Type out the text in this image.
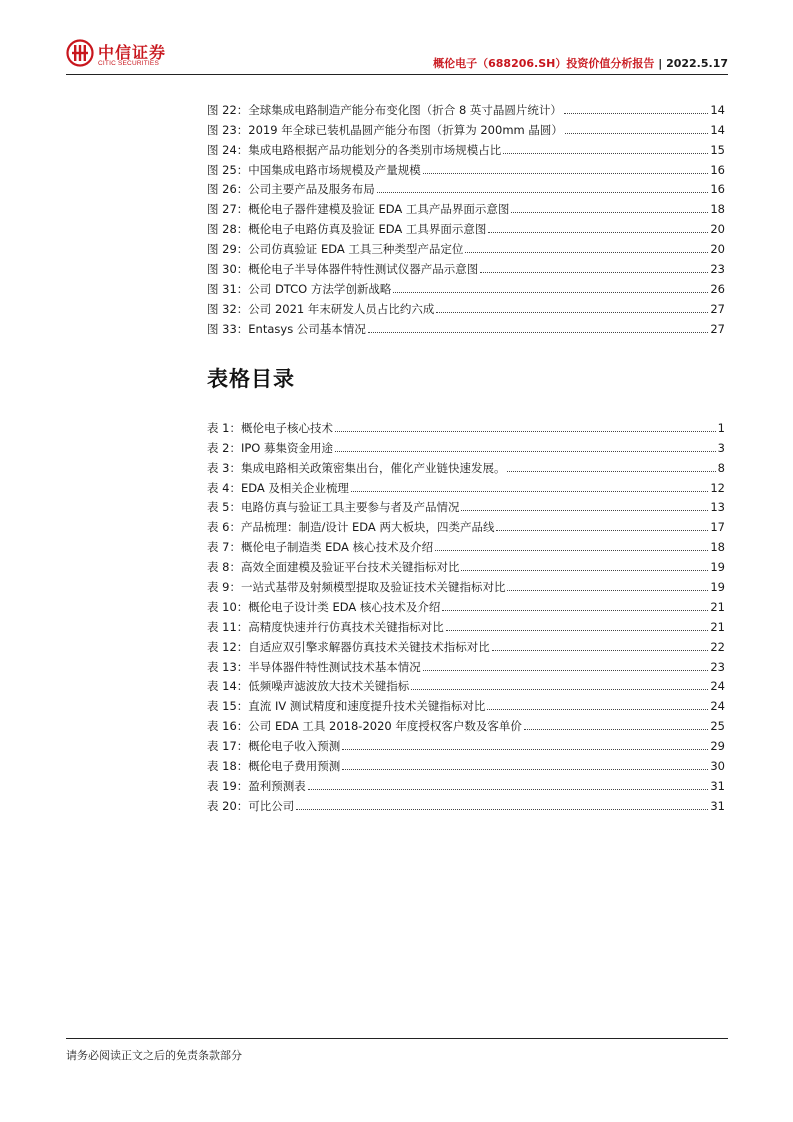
中信证券
CITIC SECURITIES	概伦电子（688206.SH）投资价值分析报告 | 2022.5.17
图 22：全球集成电路制造产能分布变化图（折合 8 英寸晶圆片统计）	14
图 23：2019 年全球已装机晶圆产能分布图（折算为 200mm 晶圆）	14
图 24：集成电路根据产品功能划分的各类别市场规模占比	15
图 25：中国集成电路市场规模及产量规模	16
图 26：公司主要产品及服务布局	16
图 27：概伦电子器件建模及验证 EDA 工具产品界面示意图	18
图 28：概伦电子电路仿真及验证 EDA 工具界面示意图	20
图 29：公司仿真验证 EDA 工具三种类型产品定位	20
图 30：概伦电子半导体器件特性测试仪器产品示意图	23
图 31：公司 DTCO 方法学创新战略	26
图 32：公司 2021 年末研发人员占比约六成	27
图 33：Entasys 公司基本情况	27
表格目录
表 1：概伦电子核心技术	1
表 2：IPO 募集资金用途	3
表 3：集成电路相关政策密集出台，催化产业链快速发展。	8
表 4：EDA 及相关企业梳理	12
表 5：电路仿真与验证工具主要参与者及产品情况	13
表 6：产品梳理：制造/设计 EDA 两大板块，四类产品线	17
表 7：概伦电子制造类 EDA 核心技术及介绍	18
表 8：高效全面建模及验证平台技术关键指标对比	19
表 9：一站式基带及射频模型提取及验证技术关键指标对比	19
表 10：概伦电子设计类 EDA 核心技术及介绍	21
表 11：高精度快速并行仿真技术关键指标对比	21
表 12：自适应双引擎求解器仿真技术关键技术指标对比	22
表 13：半导体器件特性测试技术基本情况	23
表 14：低频噪声滤波放大技术关键指标	24
表 15：直流 IV 测试精度和速度提升技术关键指标对比	24
表 16：公司 EDA 工具 2018-2020 年度授权客户数及客单价	25
表 17：概伦电子收入预测	29
表 18：概伦电子费用预测	30
表 19：盈利预测表	31
表 20：可比公司	31
请务必阅读正文之后的免责条款部分
